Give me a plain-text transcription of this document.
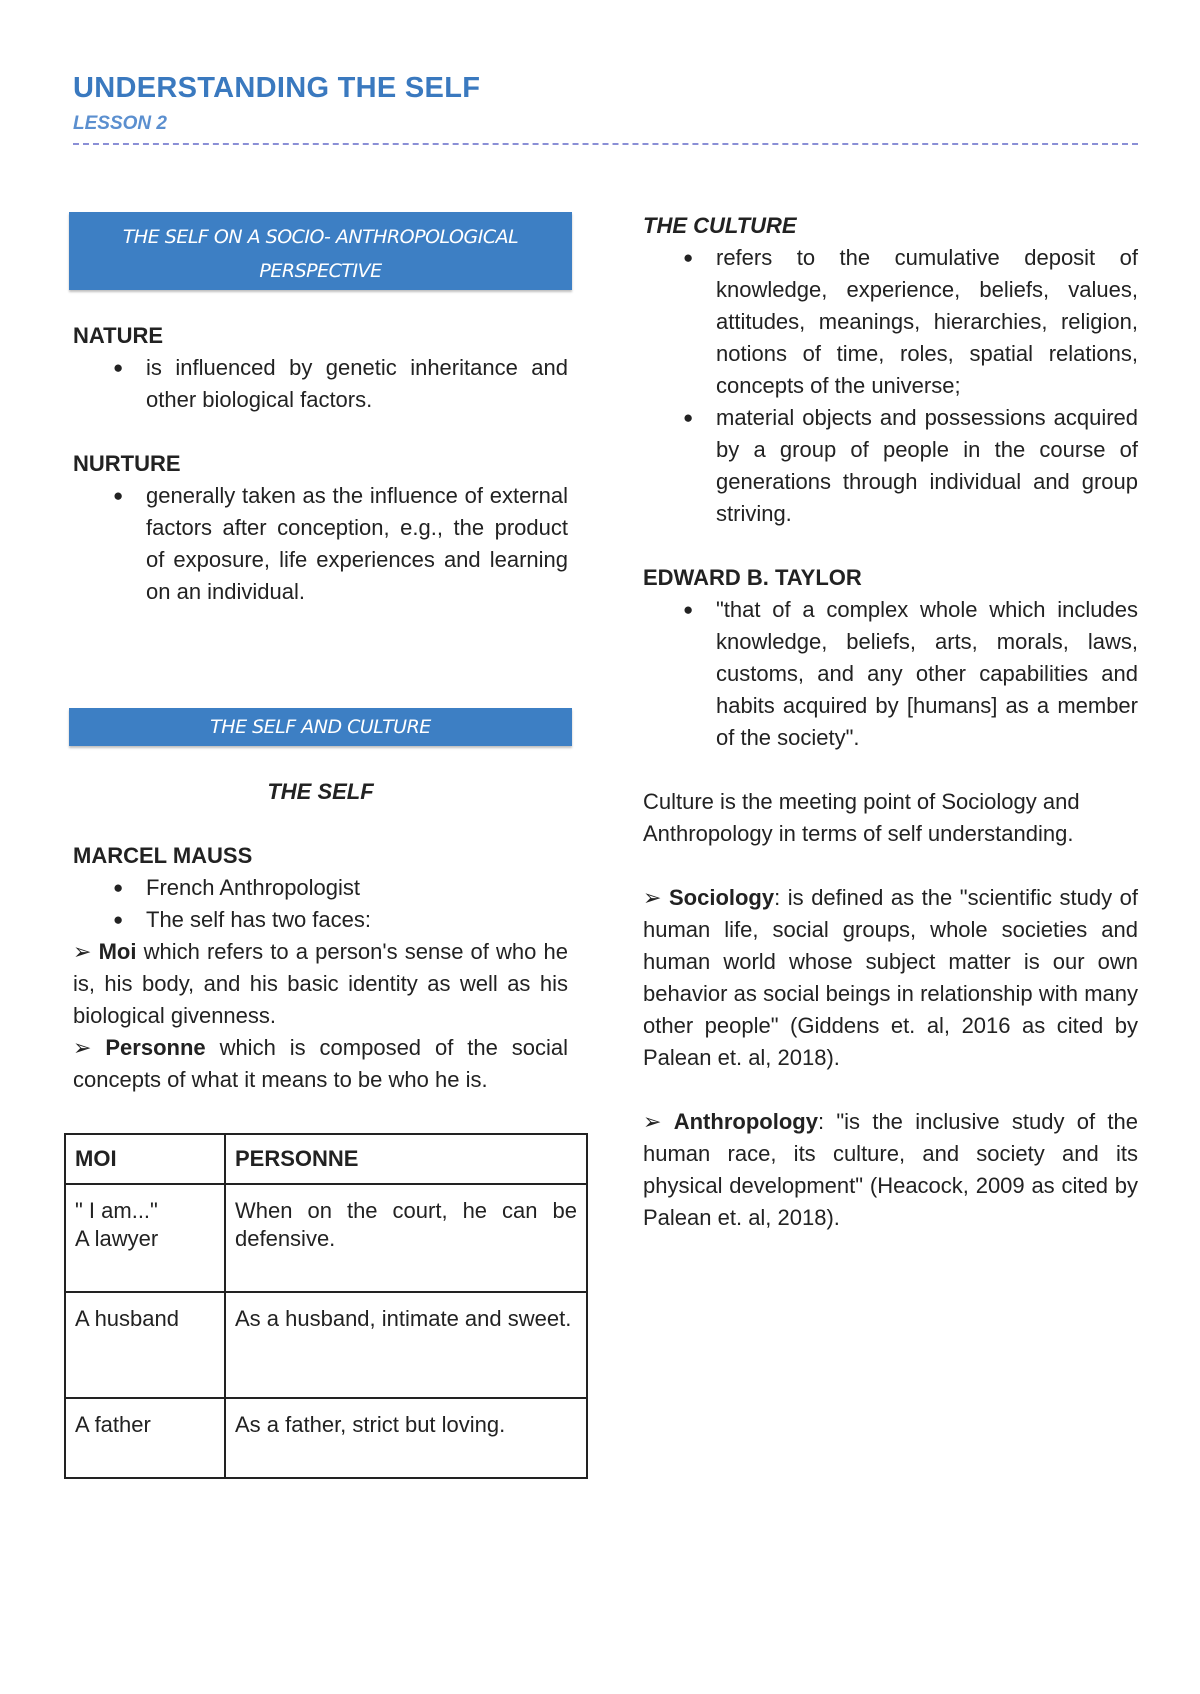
UNDERSTANDING THE SELF
LESSON 2
THE SELF ON A SOCIO- ANTHROPOLOGICAL
PERSPECTIVE
NATURE
● is influenced by genetic inheritance and other biological factors.
NURTURE
● generally taken as the influence of external factors after conception, e.g., the product of exposure, life experiences and learning on an individual.
THE SELF AND CULTURE
THE SELF
MARCEL MAUSS
● French Anthropologist
● The self has two faces:
➢ Moi which refers to a person's sense of who he is, his body, and his basic identity as well as his biological givenness.
➢ Personne which is composed of the social concepts of what it means to be who he is.
MOI	PERSONNE

" I am..."
A lawyer	When on the court, he can be defensive.
A husband	As a husband, intimate and sweet.
A father	As a father, strict but loving.
THE CULTURE
● refers to the cumulative deposit of knowledge, experience, beliefs, values, attitudes, meanings, hierarchies, religion, notions of time, roles, spatial relations, concepts of the universe;
● material objects and possessions acquired by a group of people in the course of generations through individual and group striving.
EDWARD B. TAYLOR
● "that of a complex whole which includes knowledge, beliefs, arts, morals, laws, customs, and any other capabilities and habits acquired by [humans] as a member of the society".
Culture is the meeting point of Sociology and Anthropology in terms of self understanding.
➢ Sociology: is defined as the "scientific study of human life, social groups, whole societies and human world whose subject matter is our own behavior as social beings in relationship with many other people" (Giddens et. al, 2016 as cited by Palean et. al, 2018).
➢ Anthropology: "is the inclusive study of the human race, its culture, and society and its physical development" (Heacock, 2009 as cited by Palean et. al, 2018).
